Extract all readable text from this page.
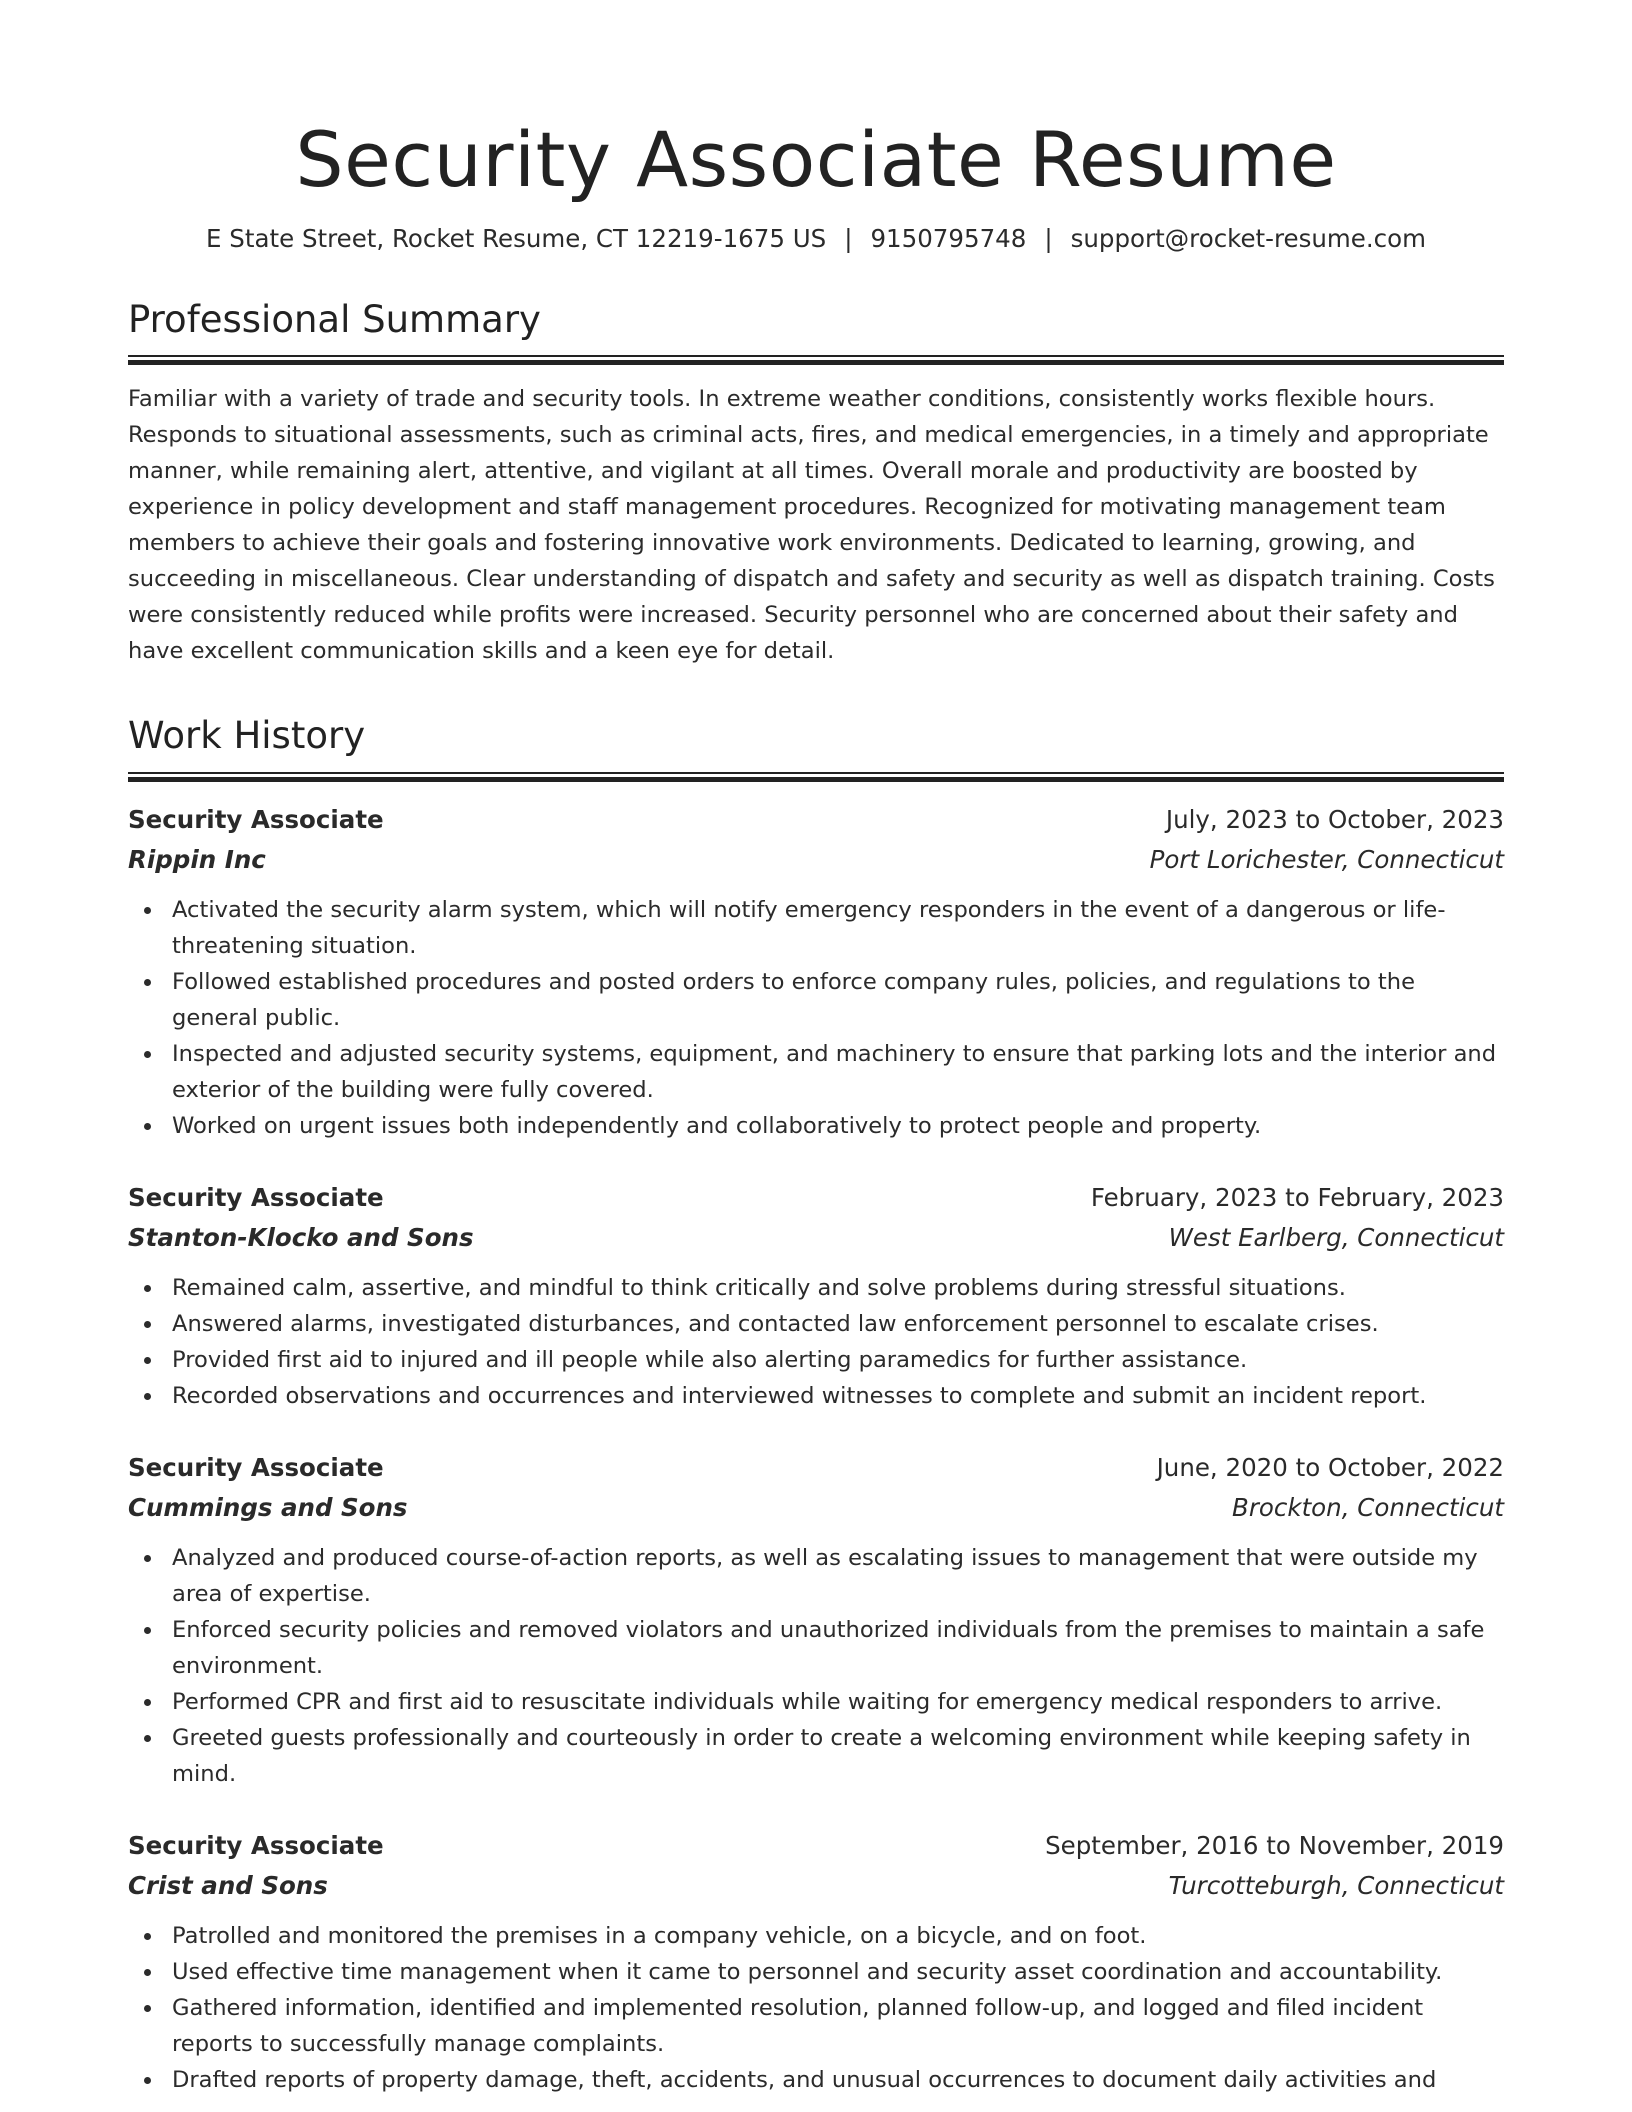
Security Associate Resume
E State Street, Rocket Resume, CT 12219-1675 US | 9150795748 | support@rocket-resume.com
Professional Summary

Familiar with a variety of trade and security tools. In extreme weather conditions, consistently works flexible hours. Responds to situational assessments, such as criminal acts, fires, and medical emergencies, in a timely and appropriate manner, while remaining alert, attentive, and vigilant at all times. Overall morale and productivity are boosted by experience in policy development and staff management procedures. Recognized for motivating management team members to achieve their goals and fostering innovative work environments. Dedicated to learning, growing, and succeeding in miscellaneous. Clear understanding of dispatch and safety and security as well as dispatch training. Costs were consistently reduced while profits were increased. Security personnel who are concerned about their safety and have excellent communication skills and a keen eye for detail.

Work History
Security Associate	July, 2023 to October, 2023
Rippin Inc	Port Lorichester, Connecticut
Activated the security alarm system, which will notify emergency responders in the event of a dangerous or life-threatening situation.
Followed established procedures and posted orders to enforce company rules, policies, and regulations to the general public.
Inspected and adjusted security systems, equipment, and machinery to ensure that parking lots and the interior and exterior of the building were fully covered.
Worked on urgent issues both independently and collaboratively to protect people and property.
Security Associate	February, 2023 to February, 2023
Stanton-Klocko and Sons	West Earlberg, Connecticut
Remained calm, assertive, and mindful to think critically and solve problems during stressful situations.
Answered alarms, investigated disturbances, and contacted law enforcement personnel to escalate crises.
Provided first aid to injured and ill people while also alerting paramedics for further assistance.
Recorded observations and occurrences and interviewed witnesses to complete and submit an incident report.
Security Associate	June, 2020 to October, 2022
Cummings and Sons	Brockton, Connecticut
Analyzed and produced course-of-action reports, as well as escalating issues to management that were outside my area of expertise.
Enforced security policies and removed violators and unauthorized individuals from the premises to maintain a safe environment.
Performed CPR and first aid to resuscitate individuals while waiting for emergency medical responders to arrive.
Greeted guests professionally and courteously in order to create a welcoming environment while keeping safety in mind.
Security Associate	September, 2016 to November, 2019
Crist and Sons	Turcotteburgh, Connecticut
Patrolled and monitored the premises in a company vehicle, on a bicycle, and on foot.
Used effective time management when it came to personnel and security asset coordination and accountability.
Gathered information, identified and implemented resolution, planned follow-up, and logged and filed incident reports to successfully manage complaints.
Drafted reports of property damage, theft, accidents, and unusual occurrences to document daily activities and
